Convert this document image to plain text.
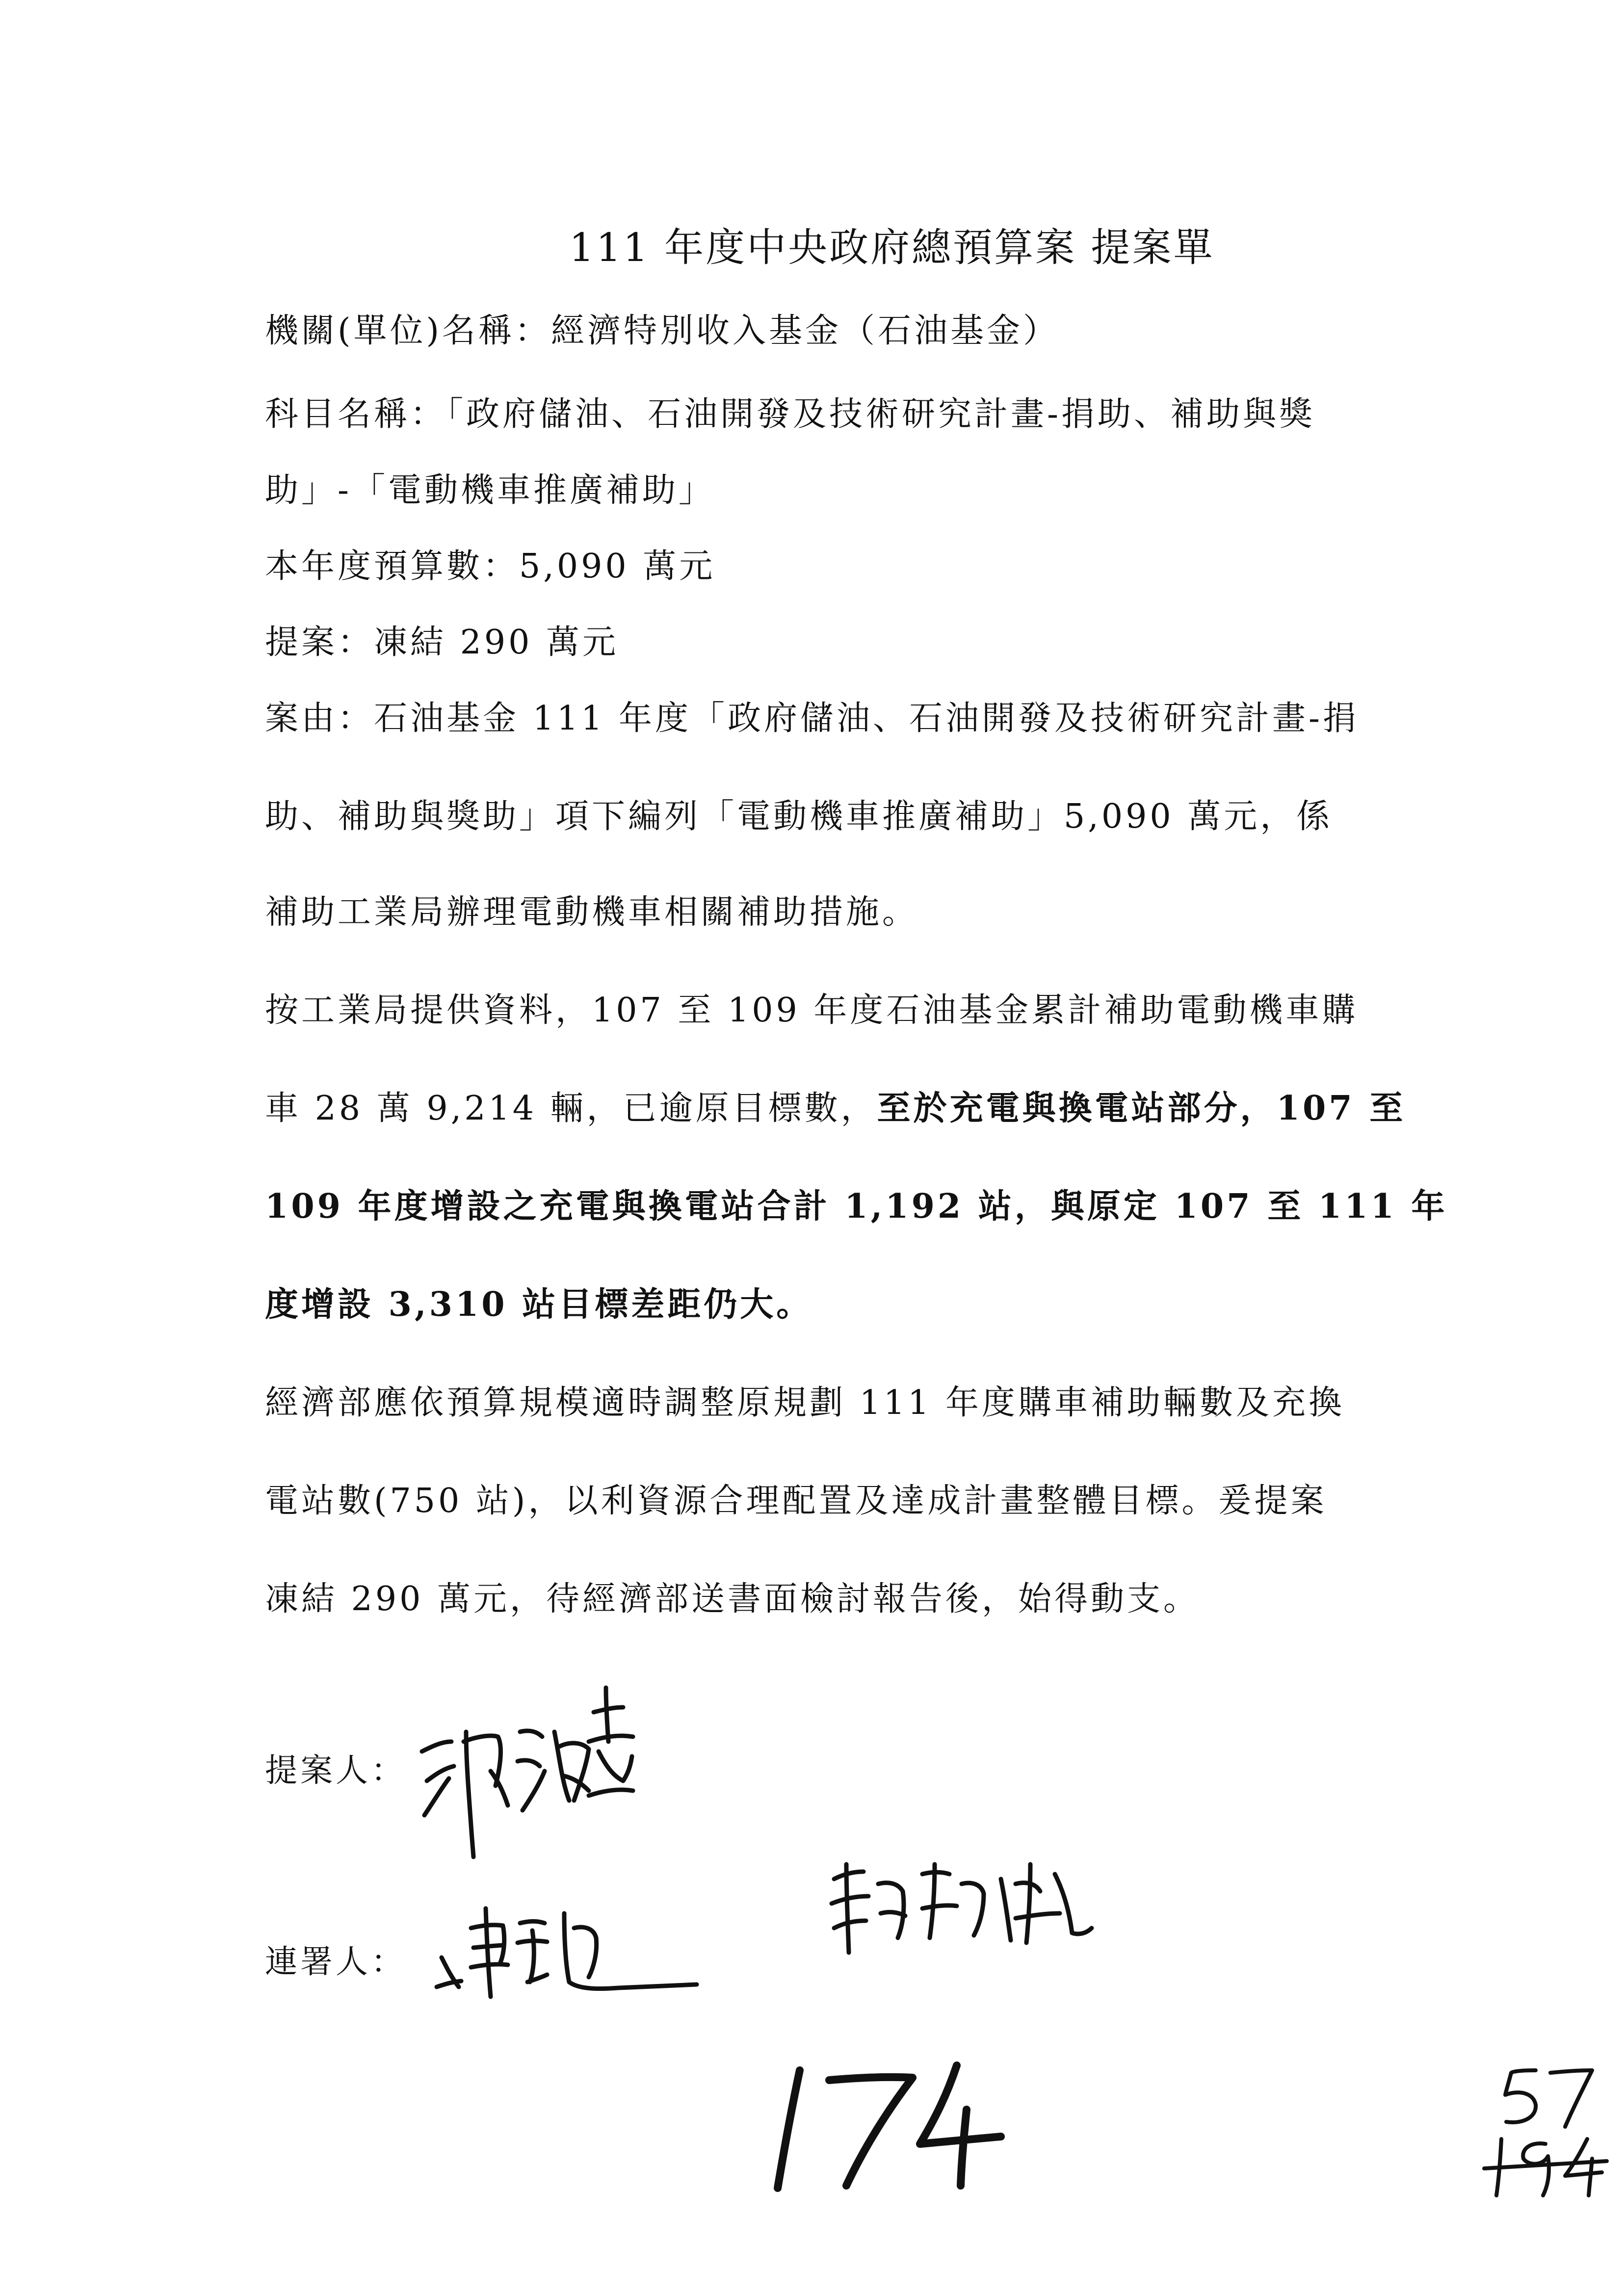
111 年度中央政府總預算案 提案單
機關(單位)名稱：經濟特別收入基金（石油基金）
科目名稱：「政府儲油、石油開發及技術研究計畫-捐助、補助與獎
助」-「電動機車推廣補助」
本年度預算數：5,090 萬元
提案：凍結 290 萬元
案由：石油基金 111 年度「政府儲油、石油開發及技術研究計畫-捐
助、補助與獎助」項下編列「電動機車推廣補助」5,090 萬元，係
補助工業局辦理電動機車相關補助措施。
按工業局提供資料，107 至 109 年度石油基金累計補助電動機車購
車 28 萬 9,214 輛，已逾原目標數，至於充電與換電站部分，107 至
109 年度增設之充電與換電站合計 1,192 站，與原定 107 至 111 年
度增設 3,310 站目標差距仍大。
經濟部應依預算規模適時調整原規劃 111 年度購車補助輛數及充換
電站數(750 站)，以利資源合理配置及達成計畫整體目標。爰提案
凍結 290 萬元，待經濟部送書面檢討報告後，始得動支。
提案人：
連署人：
